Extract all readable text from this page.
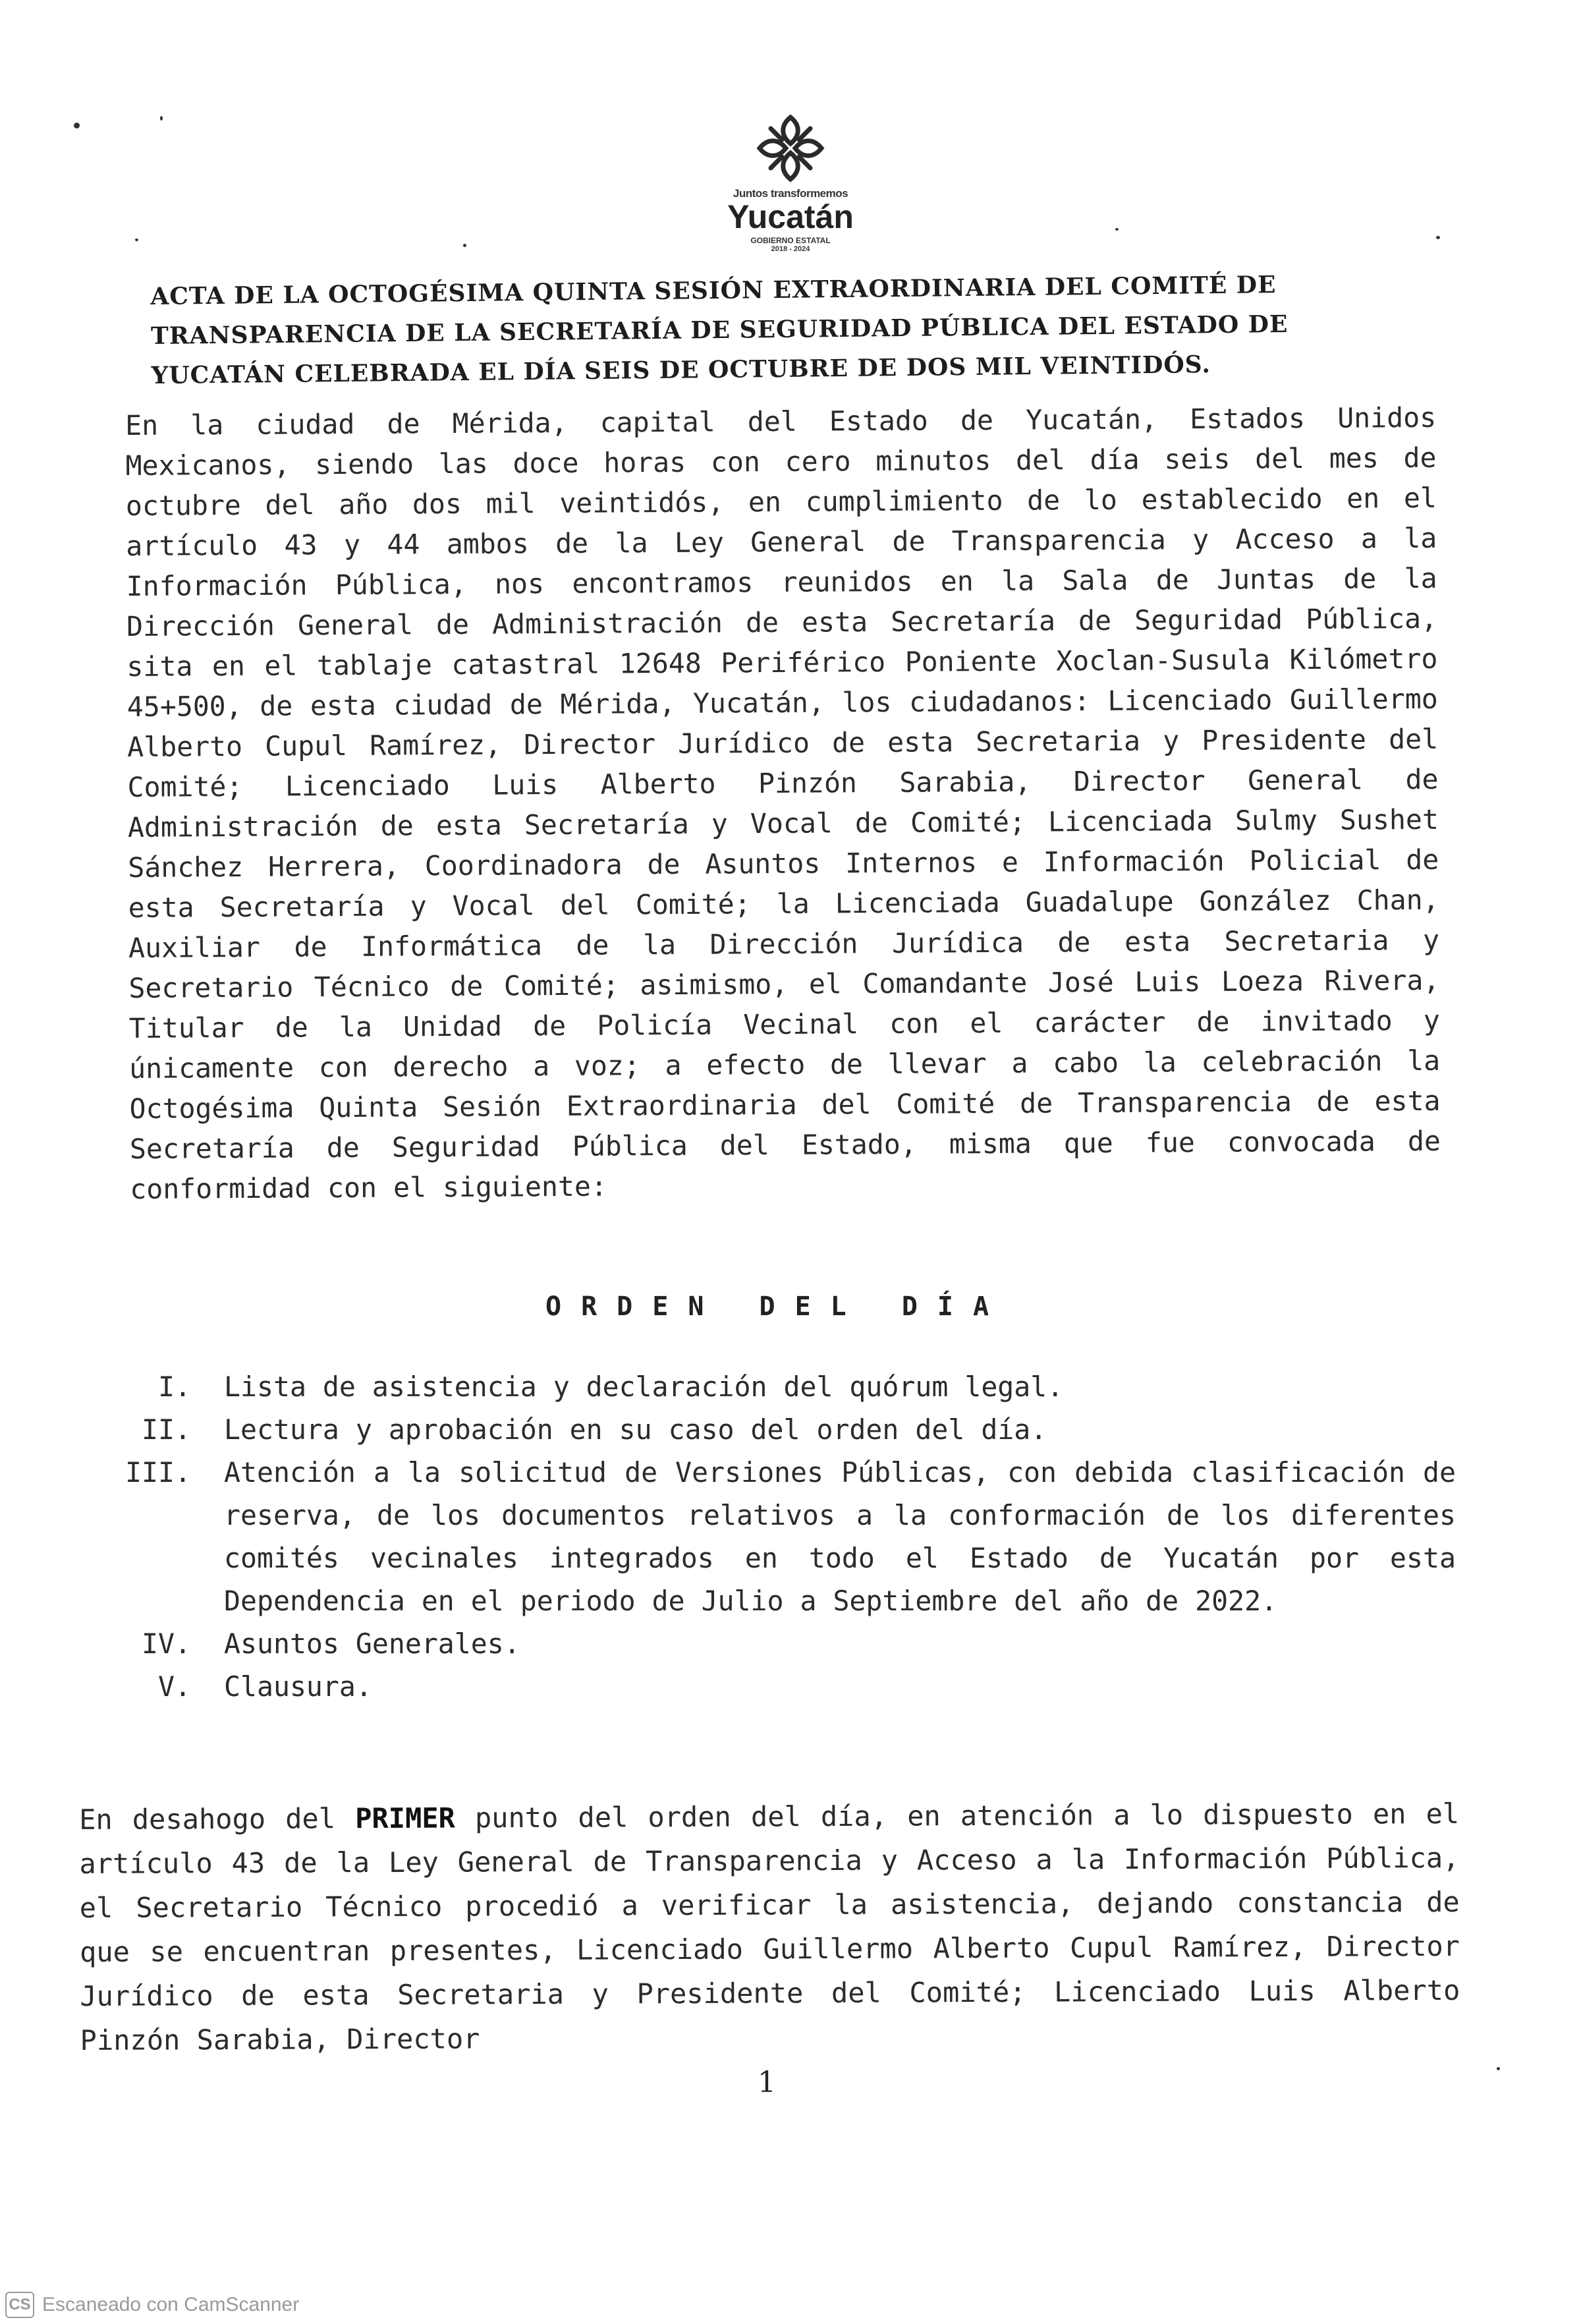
Juntos transformemos
Yucatán
GOBIERNO ESTATAL
2018 - 2024
ACTA DE LA OCTOGÉSIMA QUINTA SESIÓN EXTRAORDINARIA DEL COMITÉ DE TRANSPARENCIA DE LA SECRETARÍA DE SEGURIDAD PÚBLICA DEL ESTADO DE YUCATÁN CELEBRADA EL DÍA SEIS DE OCTUBRE DE DOS MIL VEINTIDÓS.

En la ciudad de Mérida, capital del Estado de Yucatán, Estados Unidos Mexicanos, siendo las doce horas con cero minutos del día seis del mes de octubre del año dos mil veintidós, en cumplimiento de lo establecido en el artículo 43 y 44 ambos de la Ley General de Transparencia y Acceso a la Información Pública, nos encontramos reunidos en la Sala de Juntas de la Dirección General de Administración de esta Secretaría de Seguridad Pública, sita en el tablaje catastral 12648 Periférico Poniente Xoclan-Susula Kilómetro 45+500, de esta ciudad de Mérida, Yucatán, los ciudadanos: Licenciado Guillermo Alberto Cupul Ramírez, Director Jurídico de esta Secretaria y Presidente del Comité; Licenciado Luis Alberto Pinzón Sarabia, Director General de Administración de esta Secretaría y Vocal de Comité; Licenciada Sulmy Sushet Sánchez Herrera, Coordinadora de Asuntos Internos e Información Policial de esta Secretaría y Vocal del Comité; la Licenciada Guadalupe González Chan, Auxiliar de Informática de la Dirección Jurídica de esta Secretaria y Secretario Técnico de Comité; asimismo, el Comandante José Luis Loeza Rivera, Titular de la Unidad de Policía Vecinal con el carácter de invitado y únicamente con derecho a voz; a efecto de llevar a cabo la celebración la Octogésima Quinta Sesión Extraordinaria del Comité de Transparencia de esta Secretaría de Seguridad Pública del Estado, misma que fue convocada de conformidad con el siguiente:

ORDEN DEL DÍA
I.	Lista de asistencia y declaración del quórum legal.
II.	Lectura y aprobación en su caso del orden del día.
III.	Atención a la solicitud de Versiones Públicas, con debida clasificación de reserva, de los documentos relativos a la conformación de los diferentes comités vecinales integrados en todo el Estado de Yucatán por esta Dependencia en el periodo de Julio a Septiembre del año de 2022.
IV.	Asuntos Generales.
V.	Clausura.

En desahogo del PRIMER punto del orden del día, en atención a lo dispuesto en el artículo 43 de la Ley General de Transparencia y Acceso a la Información Pública, el Secretario Técnico procedió a verificar la asistencia, dejando constancia de que se encuentran presentes, Licenciado Guillermo Alberto Cupul Ramírez, Director Jurídico de esta Secretaria y Presidente del Comité; Licenciado Luis Alberto Pinzón Sarabia, Director

1
CS Escaneado con CamScanner
